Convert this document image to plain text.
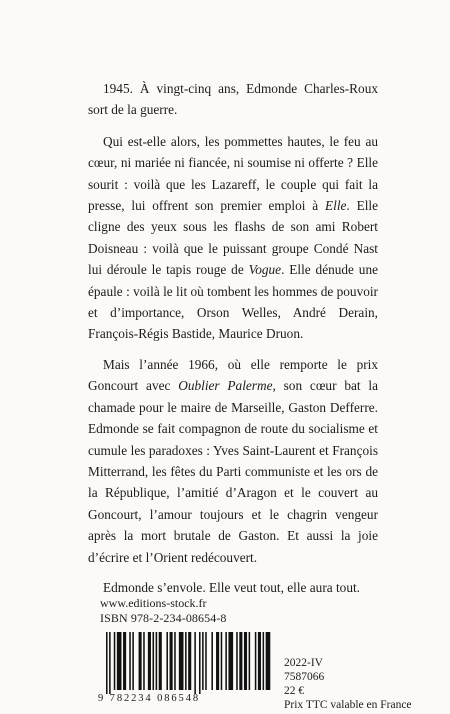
1945. À vingt-cinq ans, Edmonde Charles-Roux sort de la guerre.

Qui est-elle alors, les pommettes hautes, le feu au cœur, ni mariée ni fiancée, ni soumise ni offerte ? Elle sourit : voilà que les Lazareff, le couple qui fait la presse, lui offrent son premier emploi à Elle. Elle cligne des yeux sous les flashs de son ami Robert Doisneau : voilà que le puissant groupe Condé Nast lui déroule le tapis rouge de Vogue. Elle dénude une épaule : voilà le lit où tombent les hommes de pouvoir et d’importance, Orson Welles, André Derain, François-Régis Bastide, Maurice Druon.

Mais l’année 1966, où elle remporte le prix Goncourt avec Oublier Palerme, son cœur bat la chamade pour le maire de Marseille, Gaston Defferre. Edmonde se fait compagnon de route du socialisme et cumule les paradoxes : Yves Saint-Laurent et François Mitterrand, les fêtes du Parti communiste et les ors de la République, l’amitié d’Aragon et le couvert au Goncourt, l’amour toujours et le chagrin vengeur après la mort brutale de Gaston. Et aussi la joie d’écrire et l’Orient redécouvert.

Edmonde s’envole. Elle veut tout, elle aura tout.

www.editions-stock.fr
ISBN 978-2-234-08654-8
9 782234 086548
2022-IV
7587066
22 €
Prix TTC valable en France
